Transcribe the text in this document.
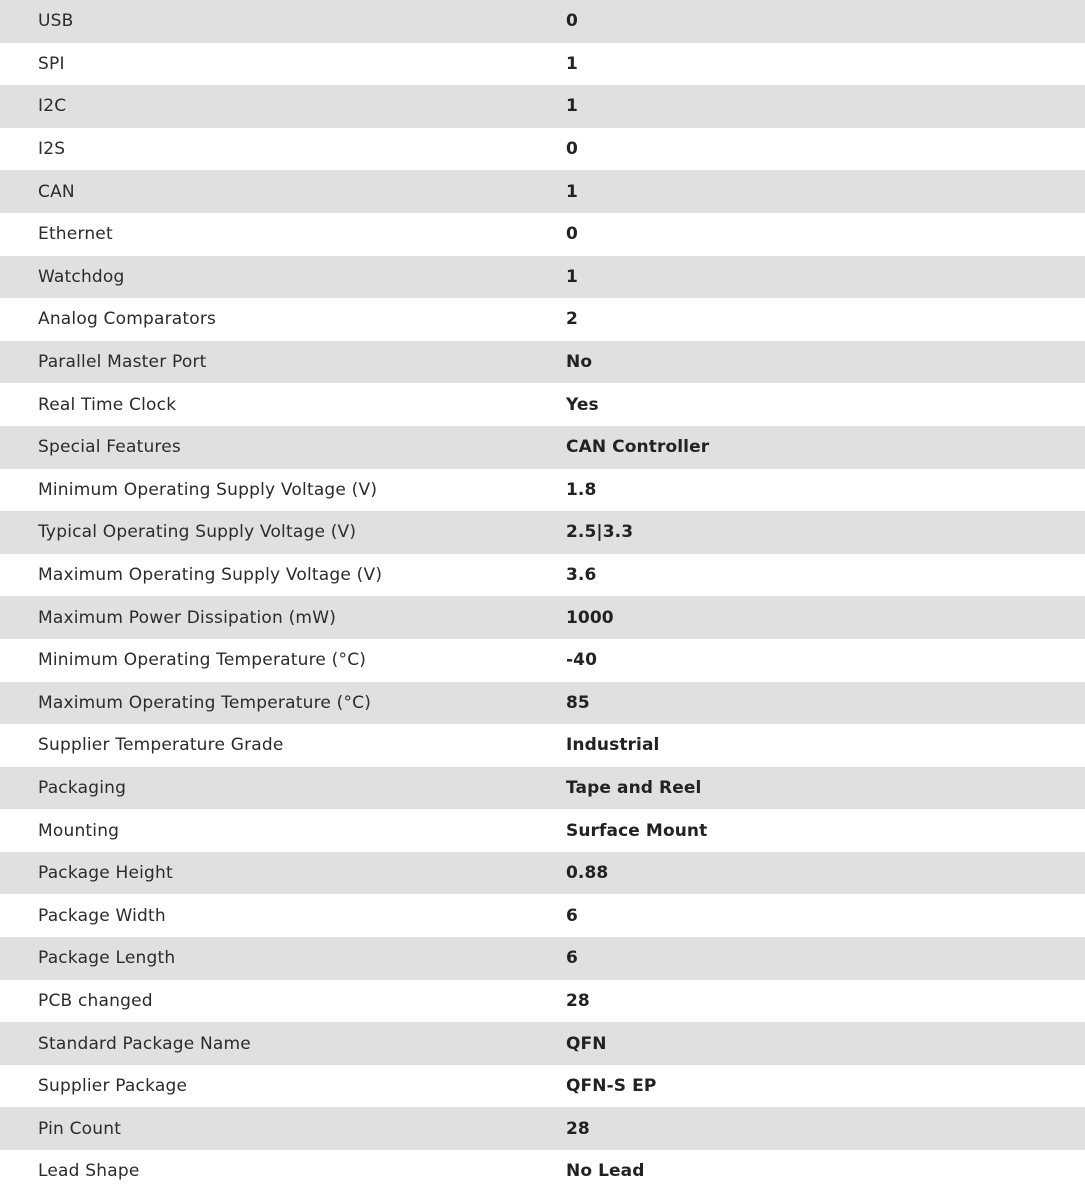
USB	0
SPI	1
I2C	1
I2S	0
CAN	1
Ethernet	0
Watchdog	1
Analog Comparators	2
Parallel Master Port	No
Real Time Clock	Yes
Special Features	CAN Controller
Minimum Operating Supply Voltage (V)	1.8
Typical Operating Supply Voltage (V)	2.5|3.3
Maximum Operating Supply Voltage (V)	3.6
Maximum Power Dissipation (mW)	1000
Minimum Operating Temperature (°C)	-40
Maximum Operating Temperature (°C)	85
Supplier Temperature Grade	Industrial
Packaging	Tape and Reel
Mounting	Surface Mount
Package Height	0.88
Package Width	6
Package Length	6
PCB changed	28
Standard Package Name	QFN
Supplier Package	QFN-S EP
Pin Count	28
Lead Shape	No Lead
